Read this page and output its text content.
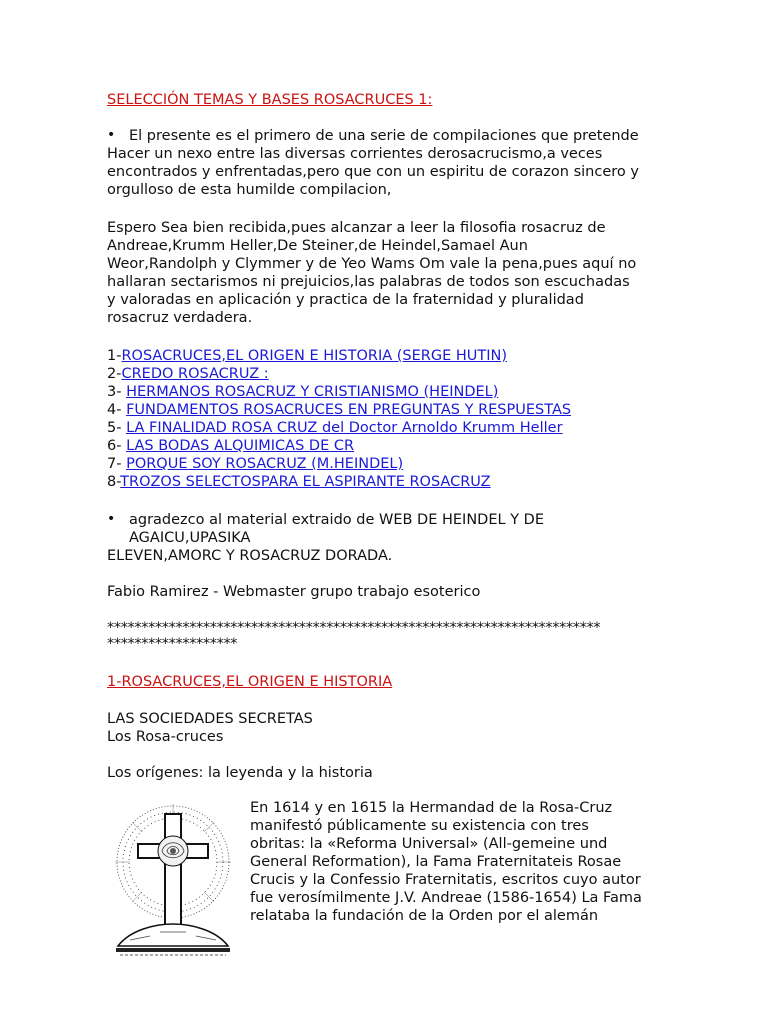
SELECCIÓN TEMAS Y BASES ROSACRUCES 1:
• El presente es el primero de una serie de compilaciones que pretende
Hacer un nexo entre las diversas corrientes derosacrucismo,a veces
encontrados y enfrentadas,pero que con un espiritu de corazon sincero y
orgulloso de esta humilde compilacion,
Espero Sea bien recibida,pues alcanzar a leer la filosofia rosacruz de
Andreae,Krumm Heller,De Steiner,de Heindel,Samael Aun
Weor,Randolph y Clymmer y de Yeo Wams Om vale la pena,pues aquí no
hallaran sectarismos ni prejuicios,las palabras de todos son escuchadas
y valoradas en aplicación y practica de la fraternidad y pluralidad
rosacruz verdadera.
1-ROSACRUCES,EL ORIGEN E HISTORIA (SERGE HUTIN)
2-CREDO ROSACRUZ :
3- HERMANOS ROSACRUZ Y CRISTIANISMO (HEINDEL)
4- FUNDAMENTOS ROSACRUCES EN PREGUNTAS Y RESPUESTAS
5- LA FINALIDAD ROSA CRUZ del Doctor Arnoldo Krumm Heller
6- LAS BODAS ALQUIMICAS DE CR
7- PORQUE SOY ROSACRUZ (M.HEINDEL)
8-TROZOS SELECTOSPARA EL ASPIRANTE ROSACRUZ
• agradezco al material extraido de WEB DE HEINDEL Y DE
AGAICU,UPASIKA
ELEVEN,AMORC Y ROSACRUZ DORADA.
Fabio Ramirez - Webmaster grupo trabajo esoterico
************************************************************************
*******************
1-ROSACRUCES,EL ORIGEN E HISTORIA
LAS SOCIEDADES SECRETAS
Los Rosa-cruces
Los orígenes: la leyenda y la historia
En 1614 y en 1615 la Hermandad de la Rosa-Cruz
manifestó públicamente su existencia con tres
obritas: la «Reforma Universal» (All-gemeine und
General Reformation), la Fama Fraternitateis Rosae
Crucis y la Confessio Fraternitatis, escritos cuyo autor
fue verosímilmente J.V. Andreae (1586-1654) La Fama
relataba la fundación de la Orden por el alemán
